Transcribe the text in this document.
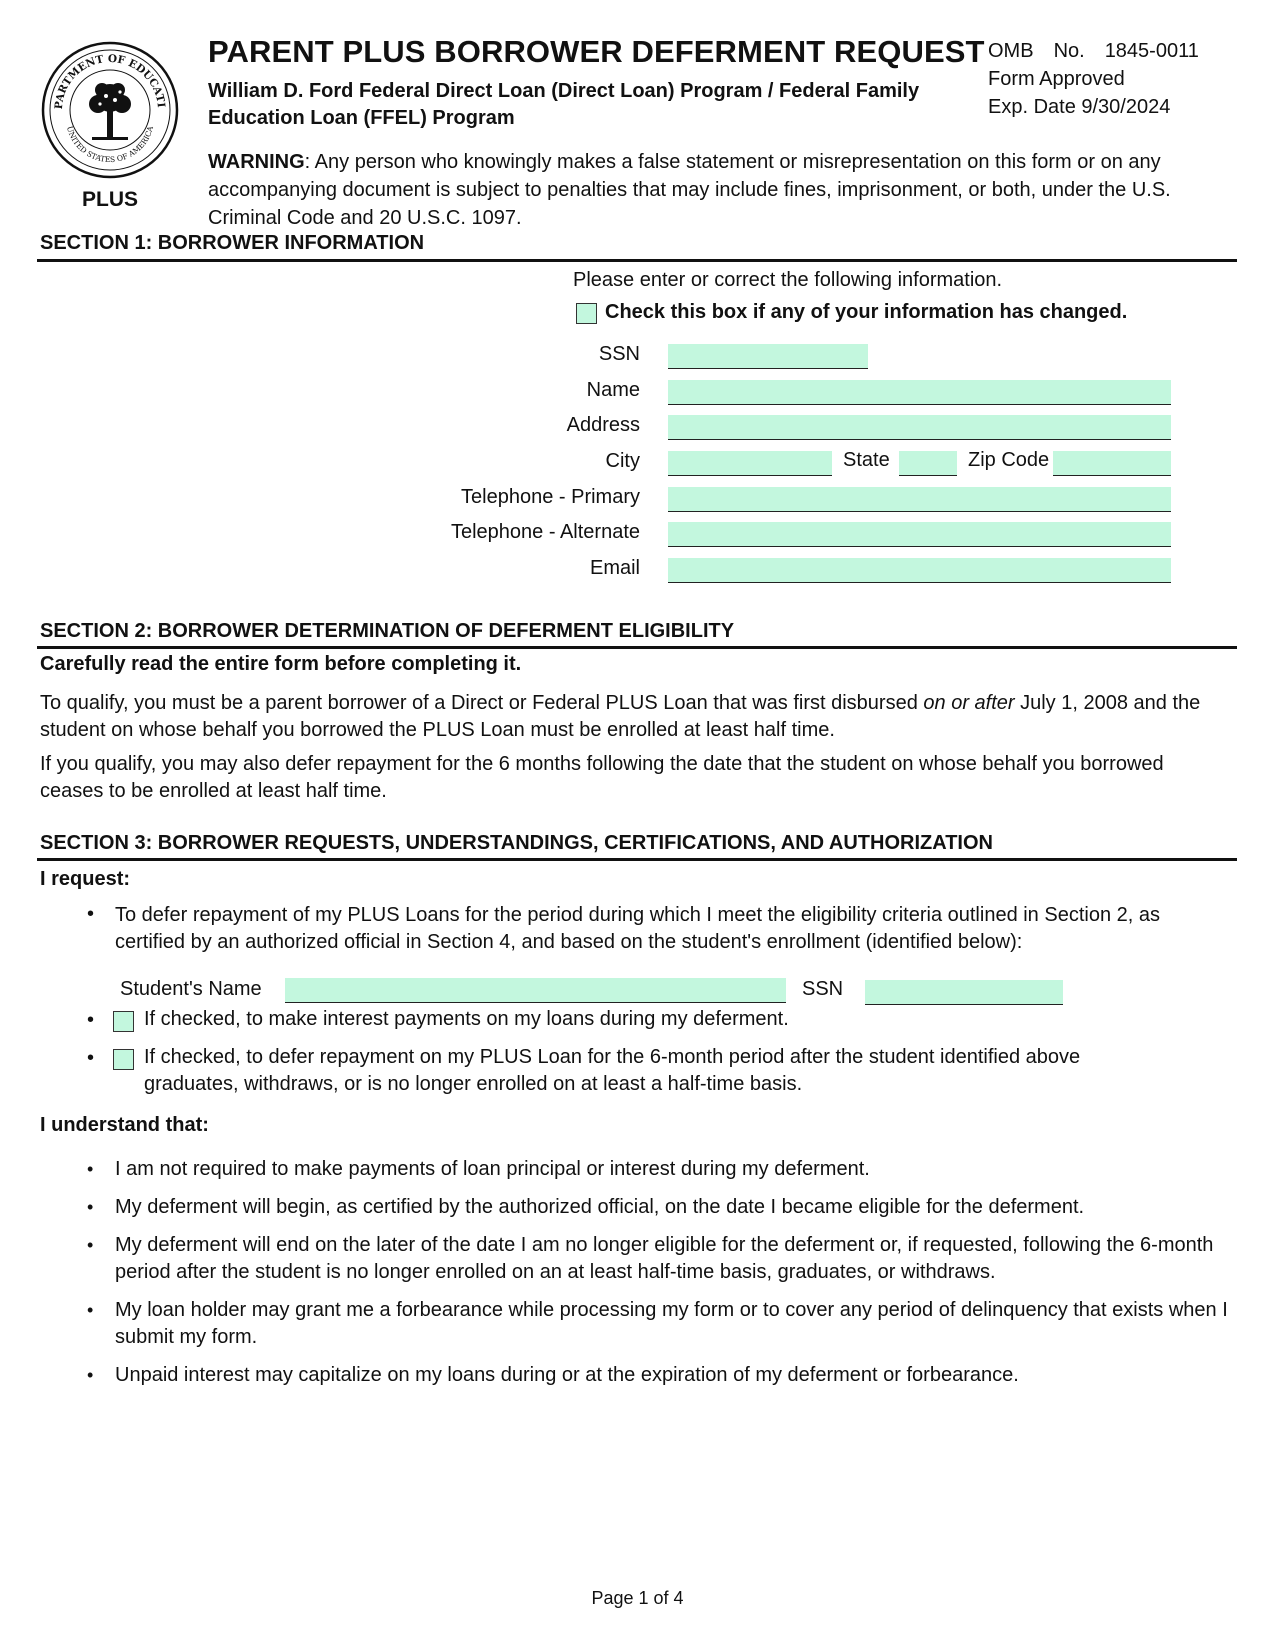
PARTMENT OF EDUCATI
UNITED STATES OF AMERICA
PLUS
PARENT PLUS BORROWER DEFERMENT REQUEST
William D. Ford Federal Direct Loan (Direct Loan) Program / Federal Family Education Loan (FFEL) Program
OMB No. 1845-0011
Form Approved
Exp. Date 9/30/2024
WARNING: Any person who knowingly makes a false statement or misrepresentation on this form or on any accompanying document is subject to penalties that may include fines, imprisonment, or both, under the U.S. Criminal Code and 20 U.S.C. 1097.
SECTION 1: BORROWER INFORMATION
Please enter or correct the following information.
Check this box if any of your information has changed.
SSN
Name
Address
City	State	Zip Code
Telephone - Primary
Telephone - Alternate
Email
SECTION 2: BORROWER DETERMINATION OF DEFERMENT ELIGIBILITY
Carefully read the entire form before completing it.
To qualify, you must be a parent borrower of a Direct or Federal PLUS Loan that was first disbursed on or after July 1, 2008 and the student on whose behalf you borrowed the PLUS Loan must be enrolled at least half time.
If you qualify, you may also defer repayment for the 6 months following the date that the student on whose behalf you borrowed ceases to be enrolled at least half time.
SECTION 3: BORROWER REQUESTS, UNDERSTANDINGS, CERTIFICATIONS, AND AUTHORIZATION
I request:
• To defer repayment of my PLUS Loans for the period during which I meet the eligibility criteria outlined in Section 2, as certified by an authorized official in Section 4, and based on the student's enrollment (identified below):
Student's Name	SSN
• If checked, to make interest payments on my loans during my deferment.
• If checked, to defer repayment on my PLUS Loan for the 6-month period after the student identified above graduates, withdraws, or is no longer enrolled on at least a half-time basis.
I understand that:
• I am not required to make payments of loan principal or interest during my deferment.
• My deferment will begin, as certified by the authorized official, on the date I became eligible for the deferment.
• My deferment will end on the later of the date I am no longer eligible for the deferment or, if requested, following the 6-month period after the student is no longer enrolled on an at least half-time basis, graduates, or withdraws.
• My loan holder may grant me a forbearance while processing my form or to cover any period of delinquency that exists when I submit my form.
• Unpaid interest may capitalize on my loans during or at the expiration of my deferment or forbearance.
Page 1 of 4
